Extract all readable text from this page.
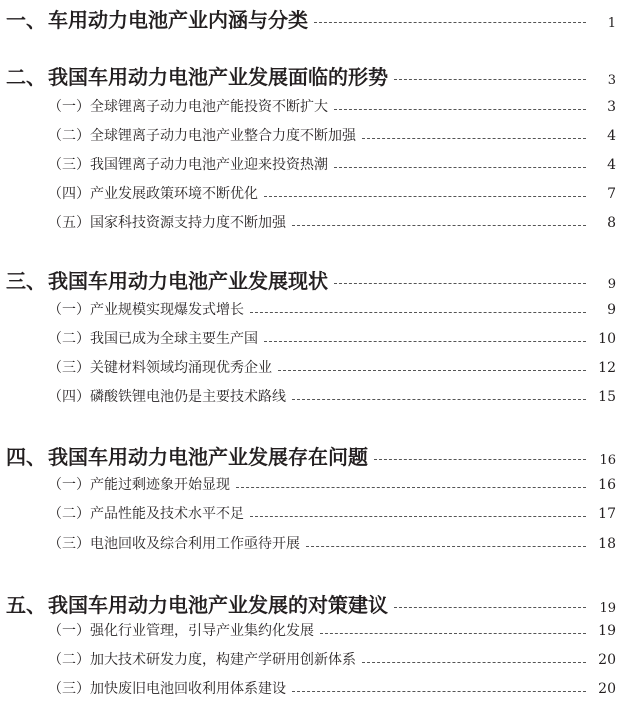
一、 车用动力电池产业内涵与分类	1
二、 我国车用动力电池产业发展面临的形势	3
（一） 全球锂离子动力电池产能投资不断扩大	3
（二） 全球锂离子动力电池产业整合力度不断加强	4
（三） 我国锂离子动力电池产业迎来投资热潮	4
（四） 产业发展政策环境不断优化	7
（五） 国家科技资源支持力度不断加强	8
三、 我国车用动力电池产业发展现状	9
（一） 产业规模实现爆发式增长	9
（二） 我国已成为全球主要生产国	10
（三） 关键材料领域均涌现优秀企业	12
（四） 磷酸铁锂电池仍是主要技术路线	15
四、 我国车用动力电池产业发展存在问题	16
（一） 产能过剩迹象开始显现	16
（二） 产品性能及技术水平不足	17
（三） 电池回收及综合利用工作亟待开展	18
五、 我国车用动力电池产业发展的对策建议	19
（一） 强化行业管理，引导产业集约化发展	19
（二） 加大技术研发力度，构建产学研用创新体系	20
（三） 加快废旧电池回收利用体系建设	20
